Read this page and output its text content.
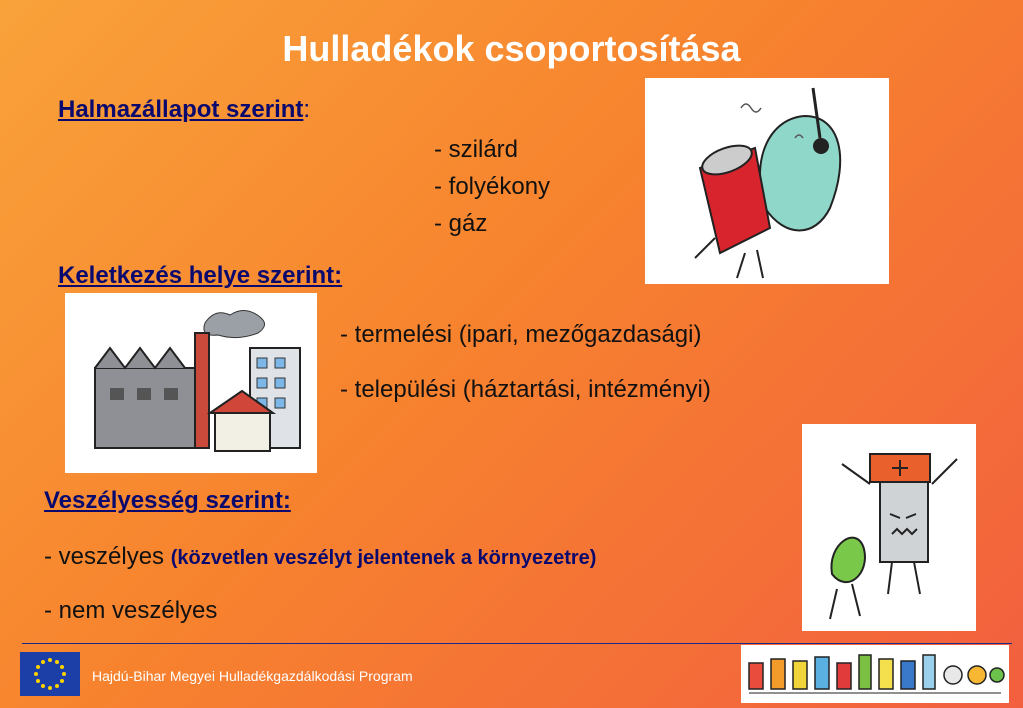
Hulladékok csoportosítása
Halmazállapot szerint:
- szilárd
- folyékony
- gáz
Keletkezés helye szerint:
- termelési (ipari, mezőgazdasági)
- települési (háztartási, intézményi)
Veszélyesség szerint:
- veszélyes (közvetlen veszélyt jelentenek a környezetre)
- nem veszélyes
Hajdú-Bihar Megyei Hulladékgazdálkodási Program
